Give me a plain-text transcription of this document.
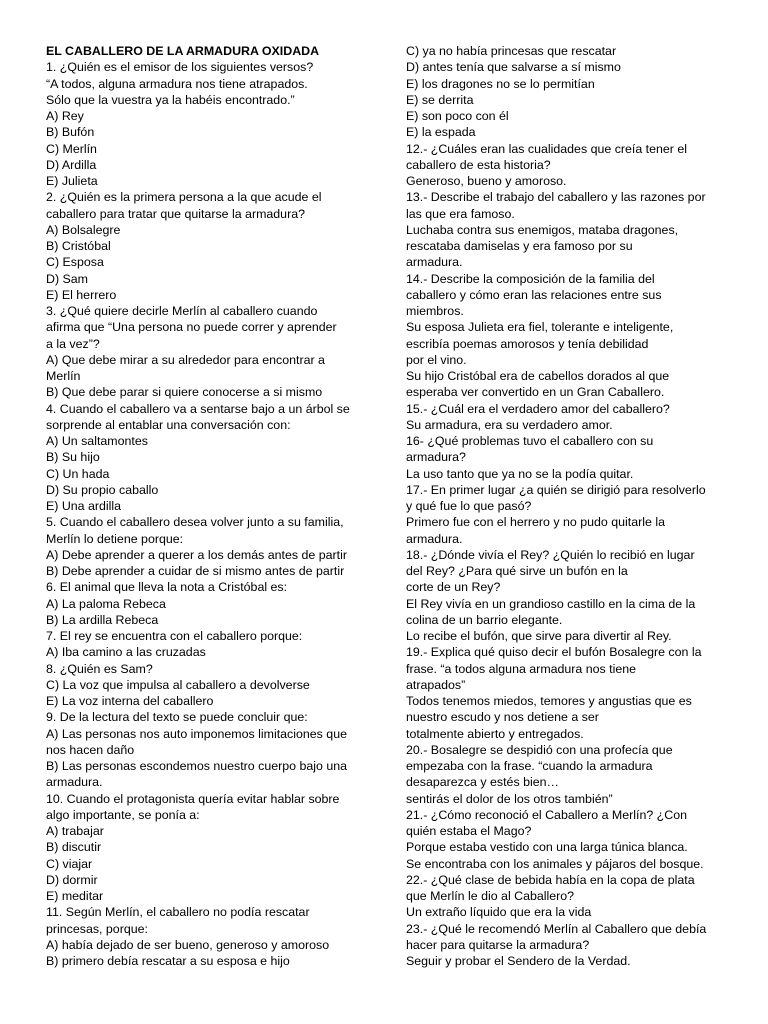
EL CABALLERO DE LA ARMADURA OXIDADA
1. ¿Quién es el emisor de los siguientes versos?
“A todos, alguna armadura nos tiene atrapados.
Sólo que la vuestra ya la habéis encontrado.”
A) Rey
B) Bufón
C) Merlín
D) Ardilla
E) Julieta
2. ¿Quién es la primera persona a la que acude el
caballero para tratar que quitarse la armadura?
A) Bolsalegre
B) Cristóbal
C) Esposa
D) Sam
E) El herrero
3. ¿Qué quiere decirle Merlín al caballero cuando
afirma que “Una persona no puede correr y aprender
a la vez”?
A) Que debe mirar a su alrededor para encontrar a
Merlín
B) Que debe parar si quiere conocerse a si mismo
4. Cuando el caballero va a sentarse bajo a un árbol se
sorprende al entablar una conversación con:
A) Un saltamontes
B) Su hijo
C) Un hada
D) Su propio caballo
E) Una ardilla
5. Cuando el caballero desea volver junto a su familia,
Merlín lo detiene porque:
A) Debe aprender a querer a los demás antes de partir
B) Debe aprender a cuidar de si mismo antes de partir
6. El animal que lleva la nota a Cristóbal es:
A) La paloma Rebeca
B) La ardilla Rebeca
7. El rey se encuentra con el caballero porque:
A) Iba camino a las cruzadas
8. ¿Quién es Sam?
C) La voz que impulsa al caballero a devolverse
E) La voz interna del caballero
9. De la lectura del texto se puede concluir que:
A) Las personas nos auto imponemos limitaciones que
nos hacen daño
B) Las personas escondemos nuestro cuerpo bajo una
armadura.
10. Cuando el protagonista quería evitar hablar sobre
algo importante, se ponía a:
A) trabajar
B) discutir
C) viajar
D) dormir
E) meditar
11. Según Merlín, el caballero no podía rescatar
princesas, porque:
A) había dejado de ser bueno, generoso y amoroso
B) primero debía rescatar a su esposa e hijo
C) ya no había princesas que rescatar
D) antes tenía que salvarse a sí mismo
E) los dragones no se lo permitían
E) se derrita
E) son poco con él
E) la espada
12.- ¿Cuáles eran las cualidades que creía tener el
caballero de esta historia?
Generoso, bueno y amoroso.
13.- Describe el trabajo del caballero y las razones por
las que era famoso.
Luchaba contra sus enemigos, mataba dragones,
rescataba damiselas y era famoso por su
armadura.
14.- Describe la composición de la familia del
caballero y cómo eran las relaciones entre sus
miembros.
Su esposa Julieta era fiel, tolerante e inteligente,
escribía poemas amorosos y tenía debilidad
por el vino.
Su hijo Cristóbal era de cabellos dorados al que
esperaba ver convertido en un Gran Caballero.
15.- ¿Cuál era el verdadero amor del caballero?
Su armadura, era su verdadero amor.
16- ¿Qué problemas tuvo el caballero con su
armadura?
La uso tanto que ya no se la podía quitar.
17.- En primer lugar ¿a quién se dirigió para resolverlo
y qué fue lo que pasó?
Primero fue con el herrero y no pudo quitarle la
armadura.
18.- ¿Dónde vivía el Rey? ¿Quién lo recibió en lugar
del Rey? ¿Para qué sirve un bufón en la
corte de un Rey?
El Rey vivía en un grandioso castillo en la cima de la
colina de un barrio elegante.
Lo recibe el bufón, que sirve para divertir al Rey.
19.- Explica qué quiso decir el bufón Bosalegre con la
frase. “a todos alguna armadura nos tiene
atrapados”
Todos tenemos miedos, temores y angustias que es
nuestro escudo y nos detiene a ser
totalmente abierto y entregados.
20.- Bosalegre se despidió con una profecía que
empezaba con la frase. “cuando la armadura
desaparezca y estés bien…
sentirás el dolor de los otros también”
21.- ¿Cómo reconoció el Caballero a Merlín? ¿Con
quién estaba el Mago?
Porque estaba vestido con una larga túnica blanca.
Se encontraba con los animales y pájaros del bosque.
22.- ¿Qué clase de bebida había en la copa de plata
que Merlín le dio al Caballero?
Un extraño líquido que era la vida
23.- ¿Qué le recomendó Merlín al Caballero que debía
hacer para quitarse la armadura?
Seguir y probar el Sendero de la Verdad.
